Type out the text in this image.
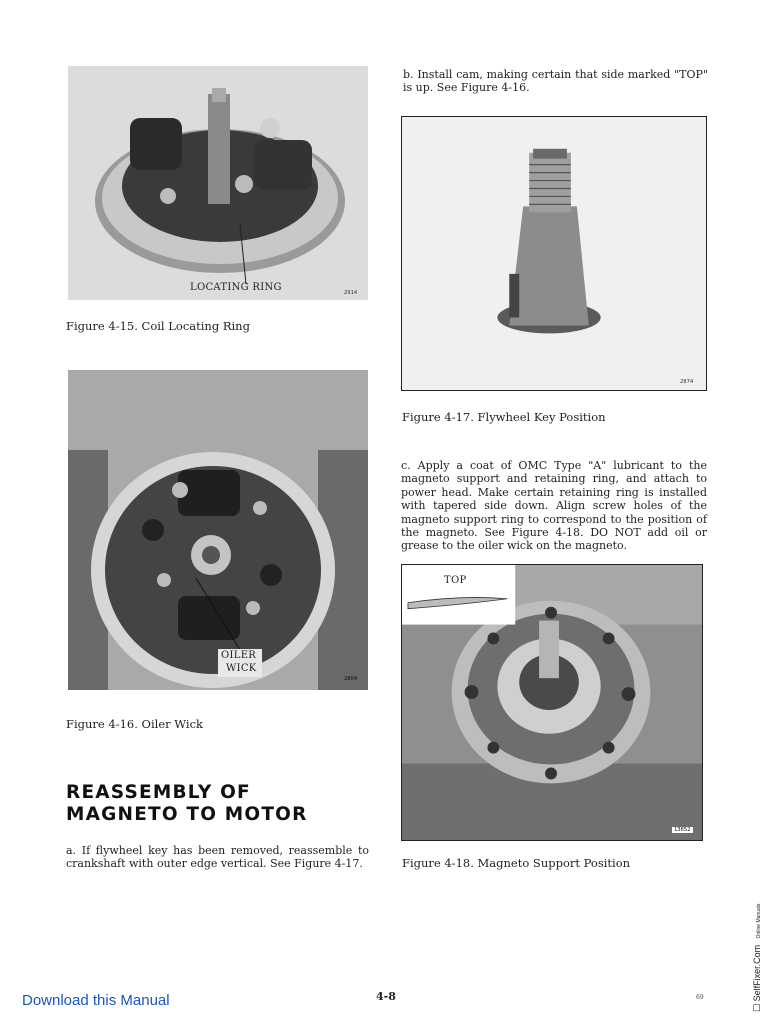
LOCATING RING	2914
Figure 4-15. Coil Locating Ring
OILER
WICK
2804
Figure 4-16. Oiler Wick
REASSEMBLY OF
MAGNETO TO MOTOR
a. If flywheel key has been removed, reassemble to crankshaft with outer edge vertical. See Figure 4-17.
b. Install cam, making certain that side marked "TOP" is up. See Figure 4-16.
2874
Figure 4-17. Flywheel Key Position
c. Apply a coat of OMC Type "A" lubricant to the magneto support and retaining ring, and attach to power head. Make certain retaining ring is installed with tapered side down. Align screw holes of the magneto support ring to correspond to the position of the magneto. See Figure 4-18. DO NOT add oil or grease to the oiler wick on the magneto.
TOP
13652
Figure 4-18. Magneto Support Position
Download this Manual	4-8	69
☐ SelfFixer.Com Online Manuals
